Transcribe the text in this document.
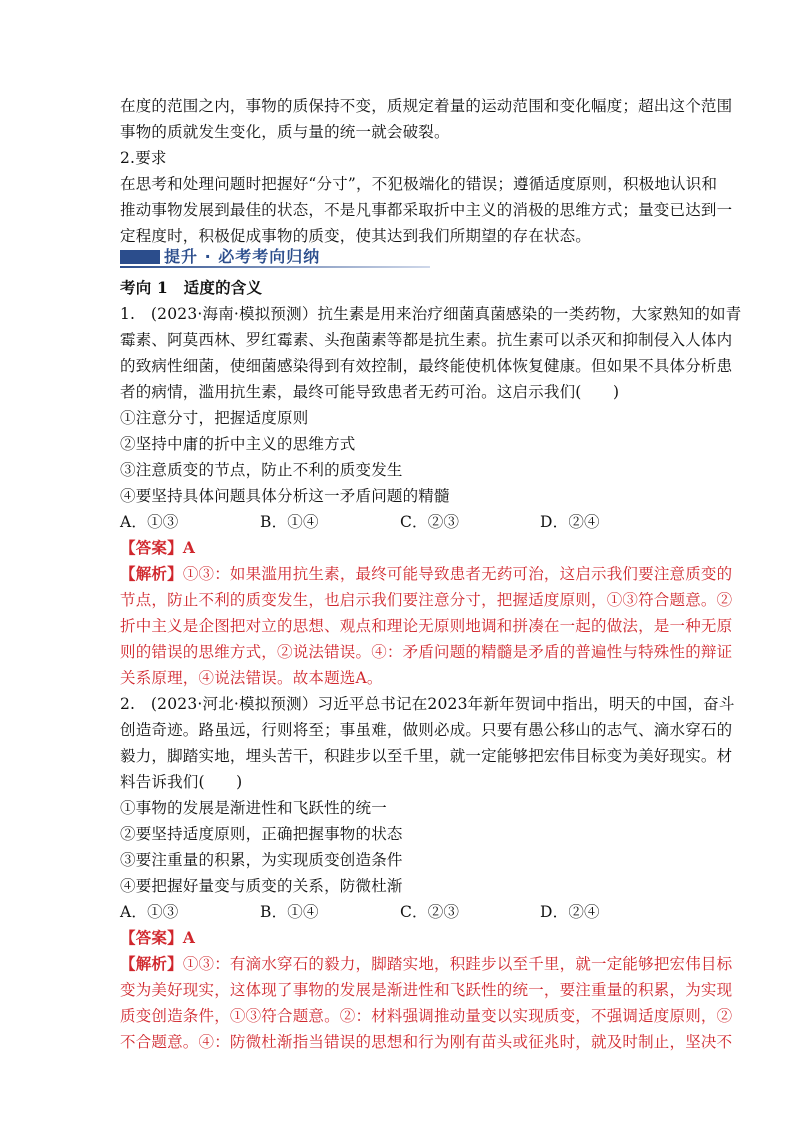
在度的范围之内，事物的质保持不变，质规定着量的运动范围和变化幅度；超出这个范围
事物的质就发生变化，质与量的统一就会破裂。
2.要求
在思考和处理问题时把握好“分寸”，不犯极端化的错误；遵循适度原则，积极地认识和
推动事物发展到最佳的状态，不是凡事都采取折中主义的消极的思维方式；量变已达到一
定程度时，积极促成事物的质变，使其达到我们所期望的存在状态。
提升 · 必考考向归纳
考向 1　适度的含义
1.　(2023·海南·模拟预测）抗生素是用来治疗细菌真菌感染的一类药物，大家熟知的如青
霉素、阿莫西林、罗红霉素、头孢菌素等都是抗生素。抗生素可以杀灭和抑制侵入人体内
的致病性细菌，使细菌感染得到有效控制，最终能使机体恢复健康。但如果不具体分析患
者的病情，滥用抗生素，最终可能导致患者无药可治。这启示我们(　　)
①注意分寸，把握适度原则
②坚持中庸的折中主义的思维方式
③注意质变的节点，防止不利的质变发生
④要坚持具体问题具体分析这一矛盾问题的精髓
A．①③	B．①④	C．②③	D．②④
【答案】A
【解析】①③：如果滥用抗生素，最终可能导致患者无药可治，这启示我们要注意质变的
节点，防止不利的质变发生，也启示我们要注意分寸，把握适度原则，①③符合题意。②
折中主义是企图把对立的思想、观点和理论无原则地调和拼凑在一起的做法，是一种无原
则的错误的思维方式，②说法错误。④：矛盾问题的精髓是矛盾的普遍性与特殊性的辩证
关系原理，④说法错误。故本题选A。
2.　(2023·河北·模拟预测）习近平总书记在2023年新年贺词中指出，明天的中国，奋斗
创造奇迹。路虽远，行则将至；事虽难，做则必成。只要有愚公移山的志气、滴水穿石的
毅力，脚踏实地，埋头苦干，积跬步以至千里，就一定能够把宏伟目标变为美好现实。材
料告诉我们(　　)
①事物的发展是渐进性和飞跃性的统一
②要坚持适度原则，正确把握事物的状态
③要注重量的积累，为实现质变创造条件
④要把握好量变与质变的关系，防微杜渐
A．①③	B．①④	C．②③	D．②④
【答案】A
【解析】①③：有滴水穿石的毅力，脚踏实地，积跬步以至千里，就一定能够把宏伟目标
变为美好现实，这体现了事物的发展是渐进性和飞跃性的统一，要注重量的积累，为实现
质变创造条件，①③符合题意。②：材料强调推动量变以实现质变，不强调适度原则，②
不合题意。④：防微杜渐指当错误的思想和行为刚有苗头或征兆时，就及时制止，坚决不
